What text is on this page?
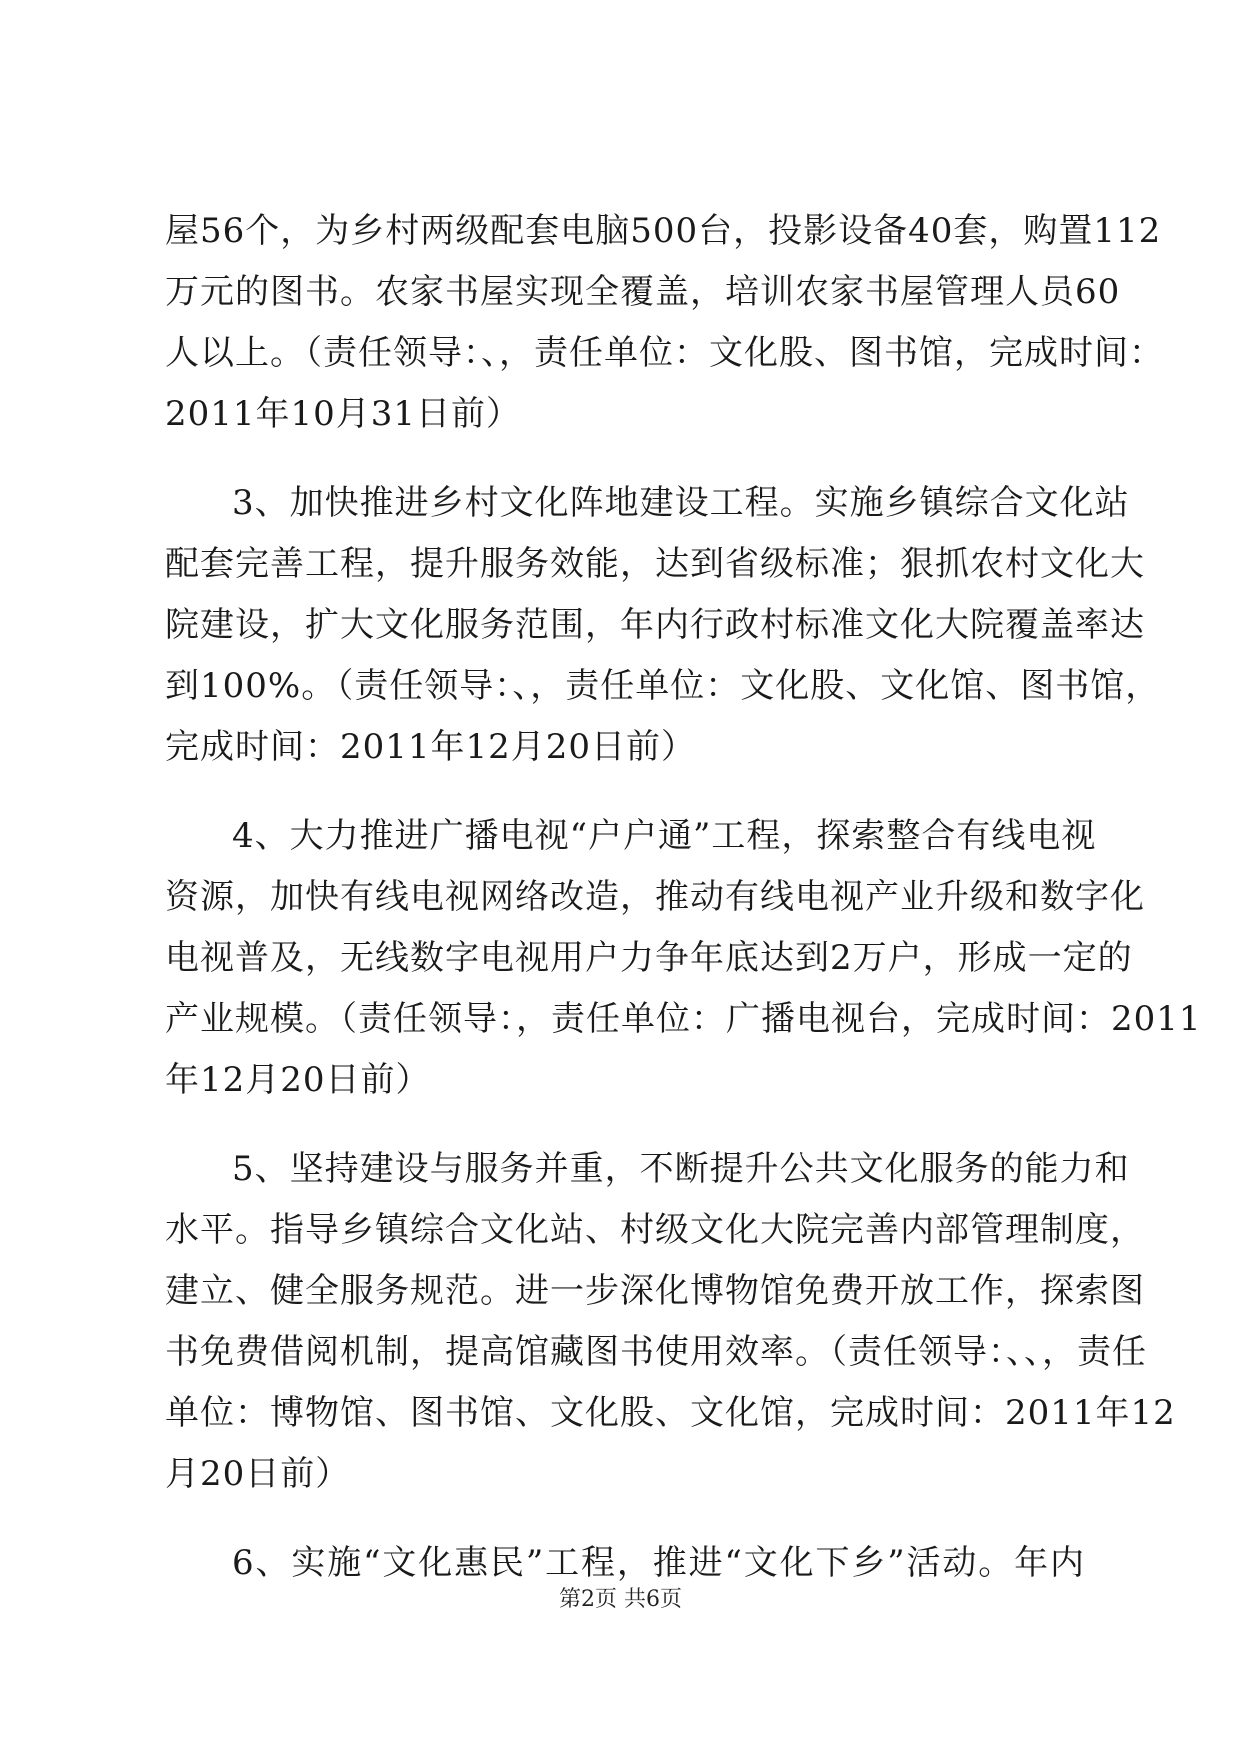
屋56个，为乡村两级配套电脑500台，投影设备40套，购置112
万元的图书。农家书屋实现全覆盖，培训农家书屋管理人员60
人以上。（责任领导：、，责任单位：文化股、图书馆，完成时间：
2011年10月31日前）
3、加快推进乡村文化阵地建设工程。实施乡镇综合文化站
配套完善工程，提升服务效能，达到省级标准；狠抓农村文化大
院建设，扩大文化服务范围，年内行政村标准文化大院覆盖率达
到100%。（责任领导：、，责任单位：文化股、文化馆、图书馆，
完成时间：2011年12月20日前）
4、大力推进广播电视“户户通”工程，探索整合有线电视
资源，加快有线电视网络改造，推动有线电视产业升级和数字化
电视普及，无线数字电视用户力争年底达到2万户，形成一定的
产业规模。（责任领导：，责任单位：广播电视台，完成时间：2011
年12月20日前）
5、坚持建设与服务并重，不断提升公共文化服务的能力和
水平。指导乡镇综合文化站、村级文化大院完善内部管理制度，
建立、健全服务规范。进一步深化博物馆免费开放工作，探索图
书免费借阅机制，提高馆藏图书使用效率。（责任领导：、、，责任
单位：博物馆、图书馆、文化股、文化馆，完成时间：2011年12
月20日前）
6、实施“文化惠民”工程，推进“文化下乡”活动。年内
第2页 共6页
